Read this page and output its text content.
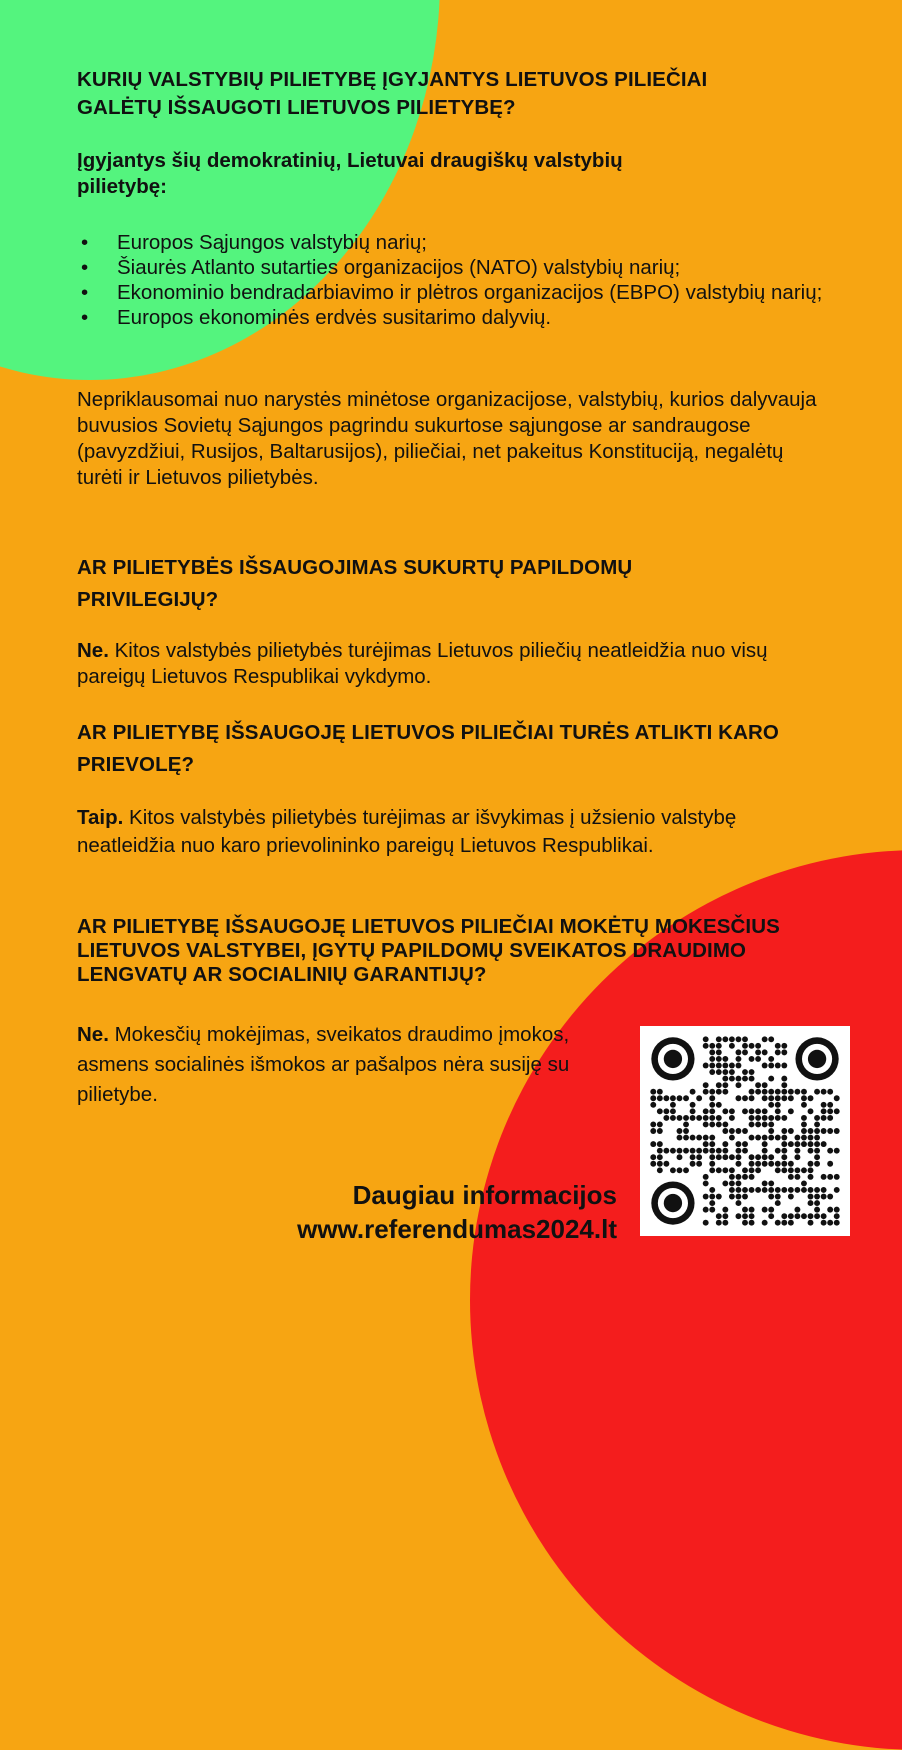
KURIŲ VALSTYBIŲ PILIETYBĘ ĮGYJANTYS LIETUVOS PILIEČIAI GALĖTŲ IŠSAUGOTI LIETUVOS PILIETYBĘ?
Įgyjantys šių demokratinių, Lietuvai draugiškų valstybių pilietybę:
• Europos Sąjungos valstybių narių;
• Šiaurės Atlanto sutarties organizacijos (NATO) valstybių narių;
• Ekonominio bendradarbiavimo ir plėtros organizacijos (EBPO) valstybių narių;
• Europos ekonominės erdvės susitarimo dalyvių.

Nepriklausomai nuo narystės minėtose organizacijose, valstybių, kurios dalyvauja buvusios Sovietų Sąjungos pagrindu sukurtose sąjungose ar sandraugose (pavyzdžiui, Rusijos, Baltarusijos), piliečiai, net pakeitus Konstituciją, negalėtų turėti ir Lietuvos pilietybės.

AR PILIETYBĖS IŠSAUGOJIMAS SUKURTŲ PAPILDOMŲ PRIVILEGIJŲ?

Ne. Kitos valstybės pilietybės turėjimas Lietuvos piliečių neatleidžia nuo visų pareigų Lietuvos Respublikai vykdymo.

AR PILIETYBĘ IŠSAUGOJĘ LIETUVOS PILIEČIAI TURĖS ATLIKTI KARO PRIEVOLĘ?

Taip. Kitos valstybės pilietybės turėjimas ar išvykimas į užsienio valstybę neatleidžia nuo karo prievolininko pareigų Lietuvos Respublikai.

AR PILIETYBĘ IŠSAUGOJĘ LIETUVOS PILIEČIAI MOKĖTŲ MOKESČIUS LIETUVOS VALSTYBEI, ĮGYTŲ PAPILDOMŲ SVEIKATOS DRAUDIMO LENGVATŲ AR SOCIALINIŲ GARANTIJŲ?

Ne. Mokesčių mokėjimas, sveikatos draudimo įmokos, asmens socialinės išmokos ar pašalpos nėra susiję su pilietybe.

Daugiau informacijos
www.referendumas2024.lt
